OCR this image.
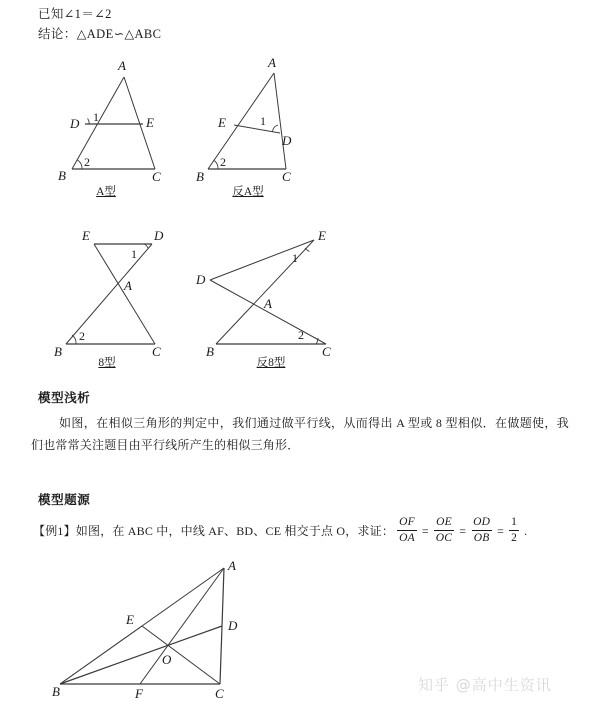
已知∠1＝∠2
结论：△ADE∽△ABC
A
D	E
B	C
1
2
A型
A
E
D
B	C
1
2
反A型
E	D
A
B	C
1
2
8型
D
E
A
B	C
1
2
反8型
模型浅析
如图，在相似三角形的判定中，我们通过做平行线，从而得出 A 型或 8 型相似．在做题使，我们也常常关注题目由平行线所产生的相似三角形．
模型题源
【例1】如图，在 ABC 中，中线 AF、BD、CE 相交于点 O，求证： $\frac{OF}{OA} = \frac{OE}{OC} = \frac{OD}{OB} = \frac{1}{2}$ .
A
B	C
D
E
F
O
知乎 @高中生资讯
